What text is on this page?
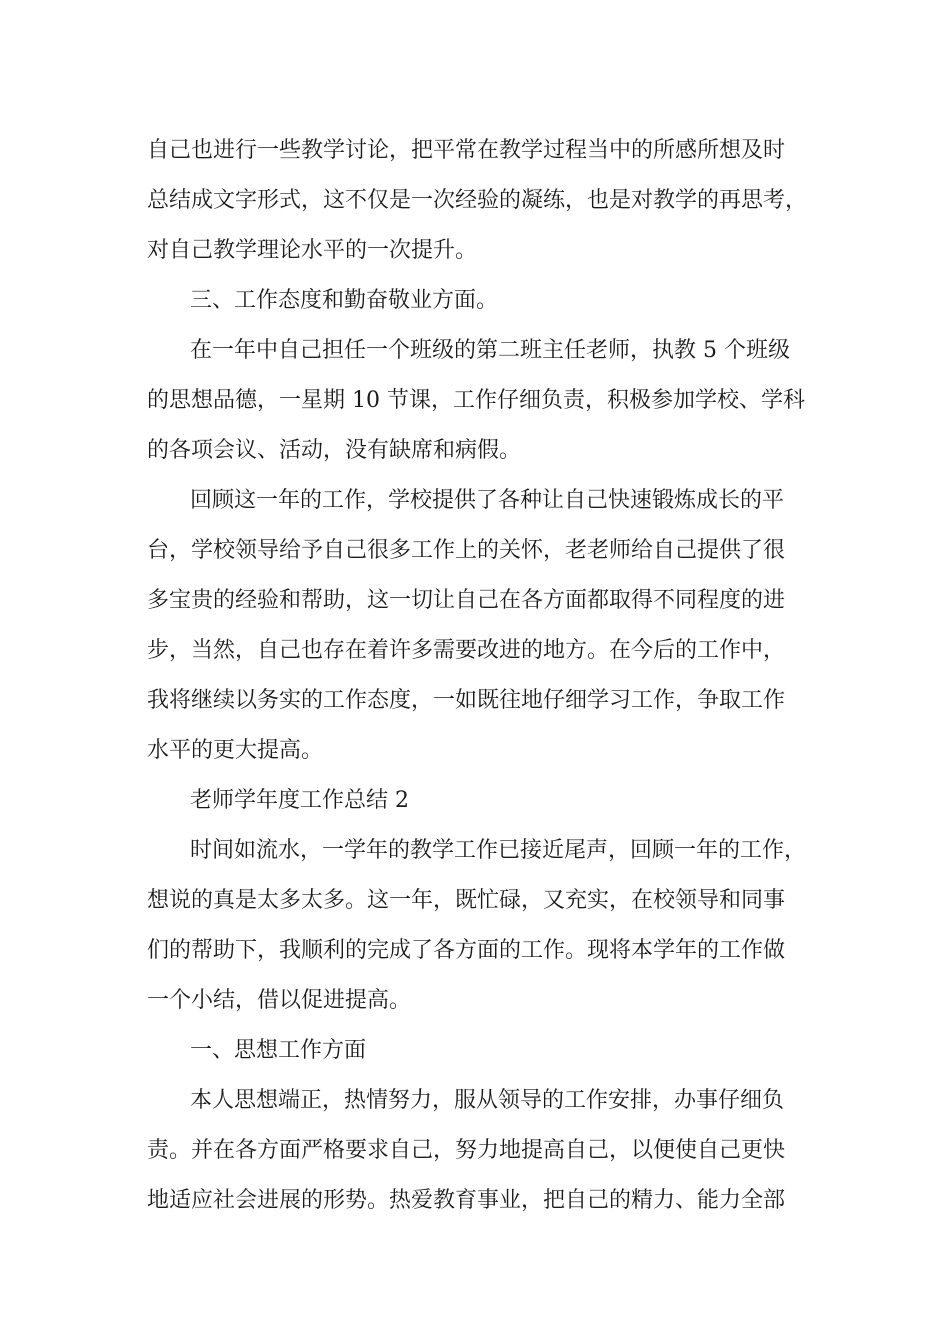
自己也进行一些教学讨论，把平常在教学过程当中的所感所想及时
总结成文字形式，这不仅是一次经验的凝练，也是对教学的再思考，
对自己教学理论水平的一次提升。
三、工作态度和勤奋敬业方面。
在一年中自己担任一个班级的第二班主任老师，执教 5 个班级
的思想品德，一星期 10 节课，工作仔细负责，积极参加学校、学科
的各项会议、活动，没有缺席和病假。
回顾这一年的工作，学校提供了各种让自己快速锻炼成长的平
台，学校领导给予自己很多工作上的关怀，老老师给自己提供了很
多宝贵的经验和帮助，这一切让自己在各方面都取得不同程度的进
步，当然，自己也存在着许多需要改进的地方。在今后的工作中，
我将继续以务实的工作态度，一如既往地仔细学习工作，争取工作
水平的更大提高。
老师学年度工作总结 2
时间如流水，一学年的教学工作已接近尾声，回顾一年的工作，
想说的真是太多太多。这一年，既忙碌，又充实，在校领导和同事
们的帮助下，我顺利的完成了各方面的工作。现将本学年的工作做
一个小结，借以促进提高。
一、思想工作方面
本人思想端正，热情努力，服从领导的工作安排，办事仔细负
责。并在各方面严格要求自己，努力地提高自己，以便使自己更快
地适应社会进展的形势。热爱教育事业，把自己的精力、能力全部
